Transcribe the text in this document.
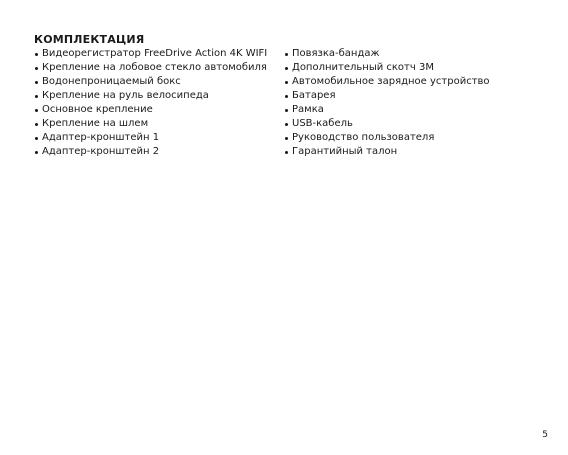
КОМПЛЕКТАЦИЯ
Видеорегистратор FreeDrive Action 4K WIFI
Крепление на лобовое стекло автомобиля
Водонепроницаемый бокс
Крепление на руль велосипеда
Основное крепление
Крепление на шлем
Адаптер-кронштейн 1
Адаптер-кронштейн 2
Повязка-бандаж
Дополнительный скотч 3М
Автомобильное зарядное устройство
Батарея
Рамка
USB-кабель
Руководство пользователя
Гарантийный талон
5
